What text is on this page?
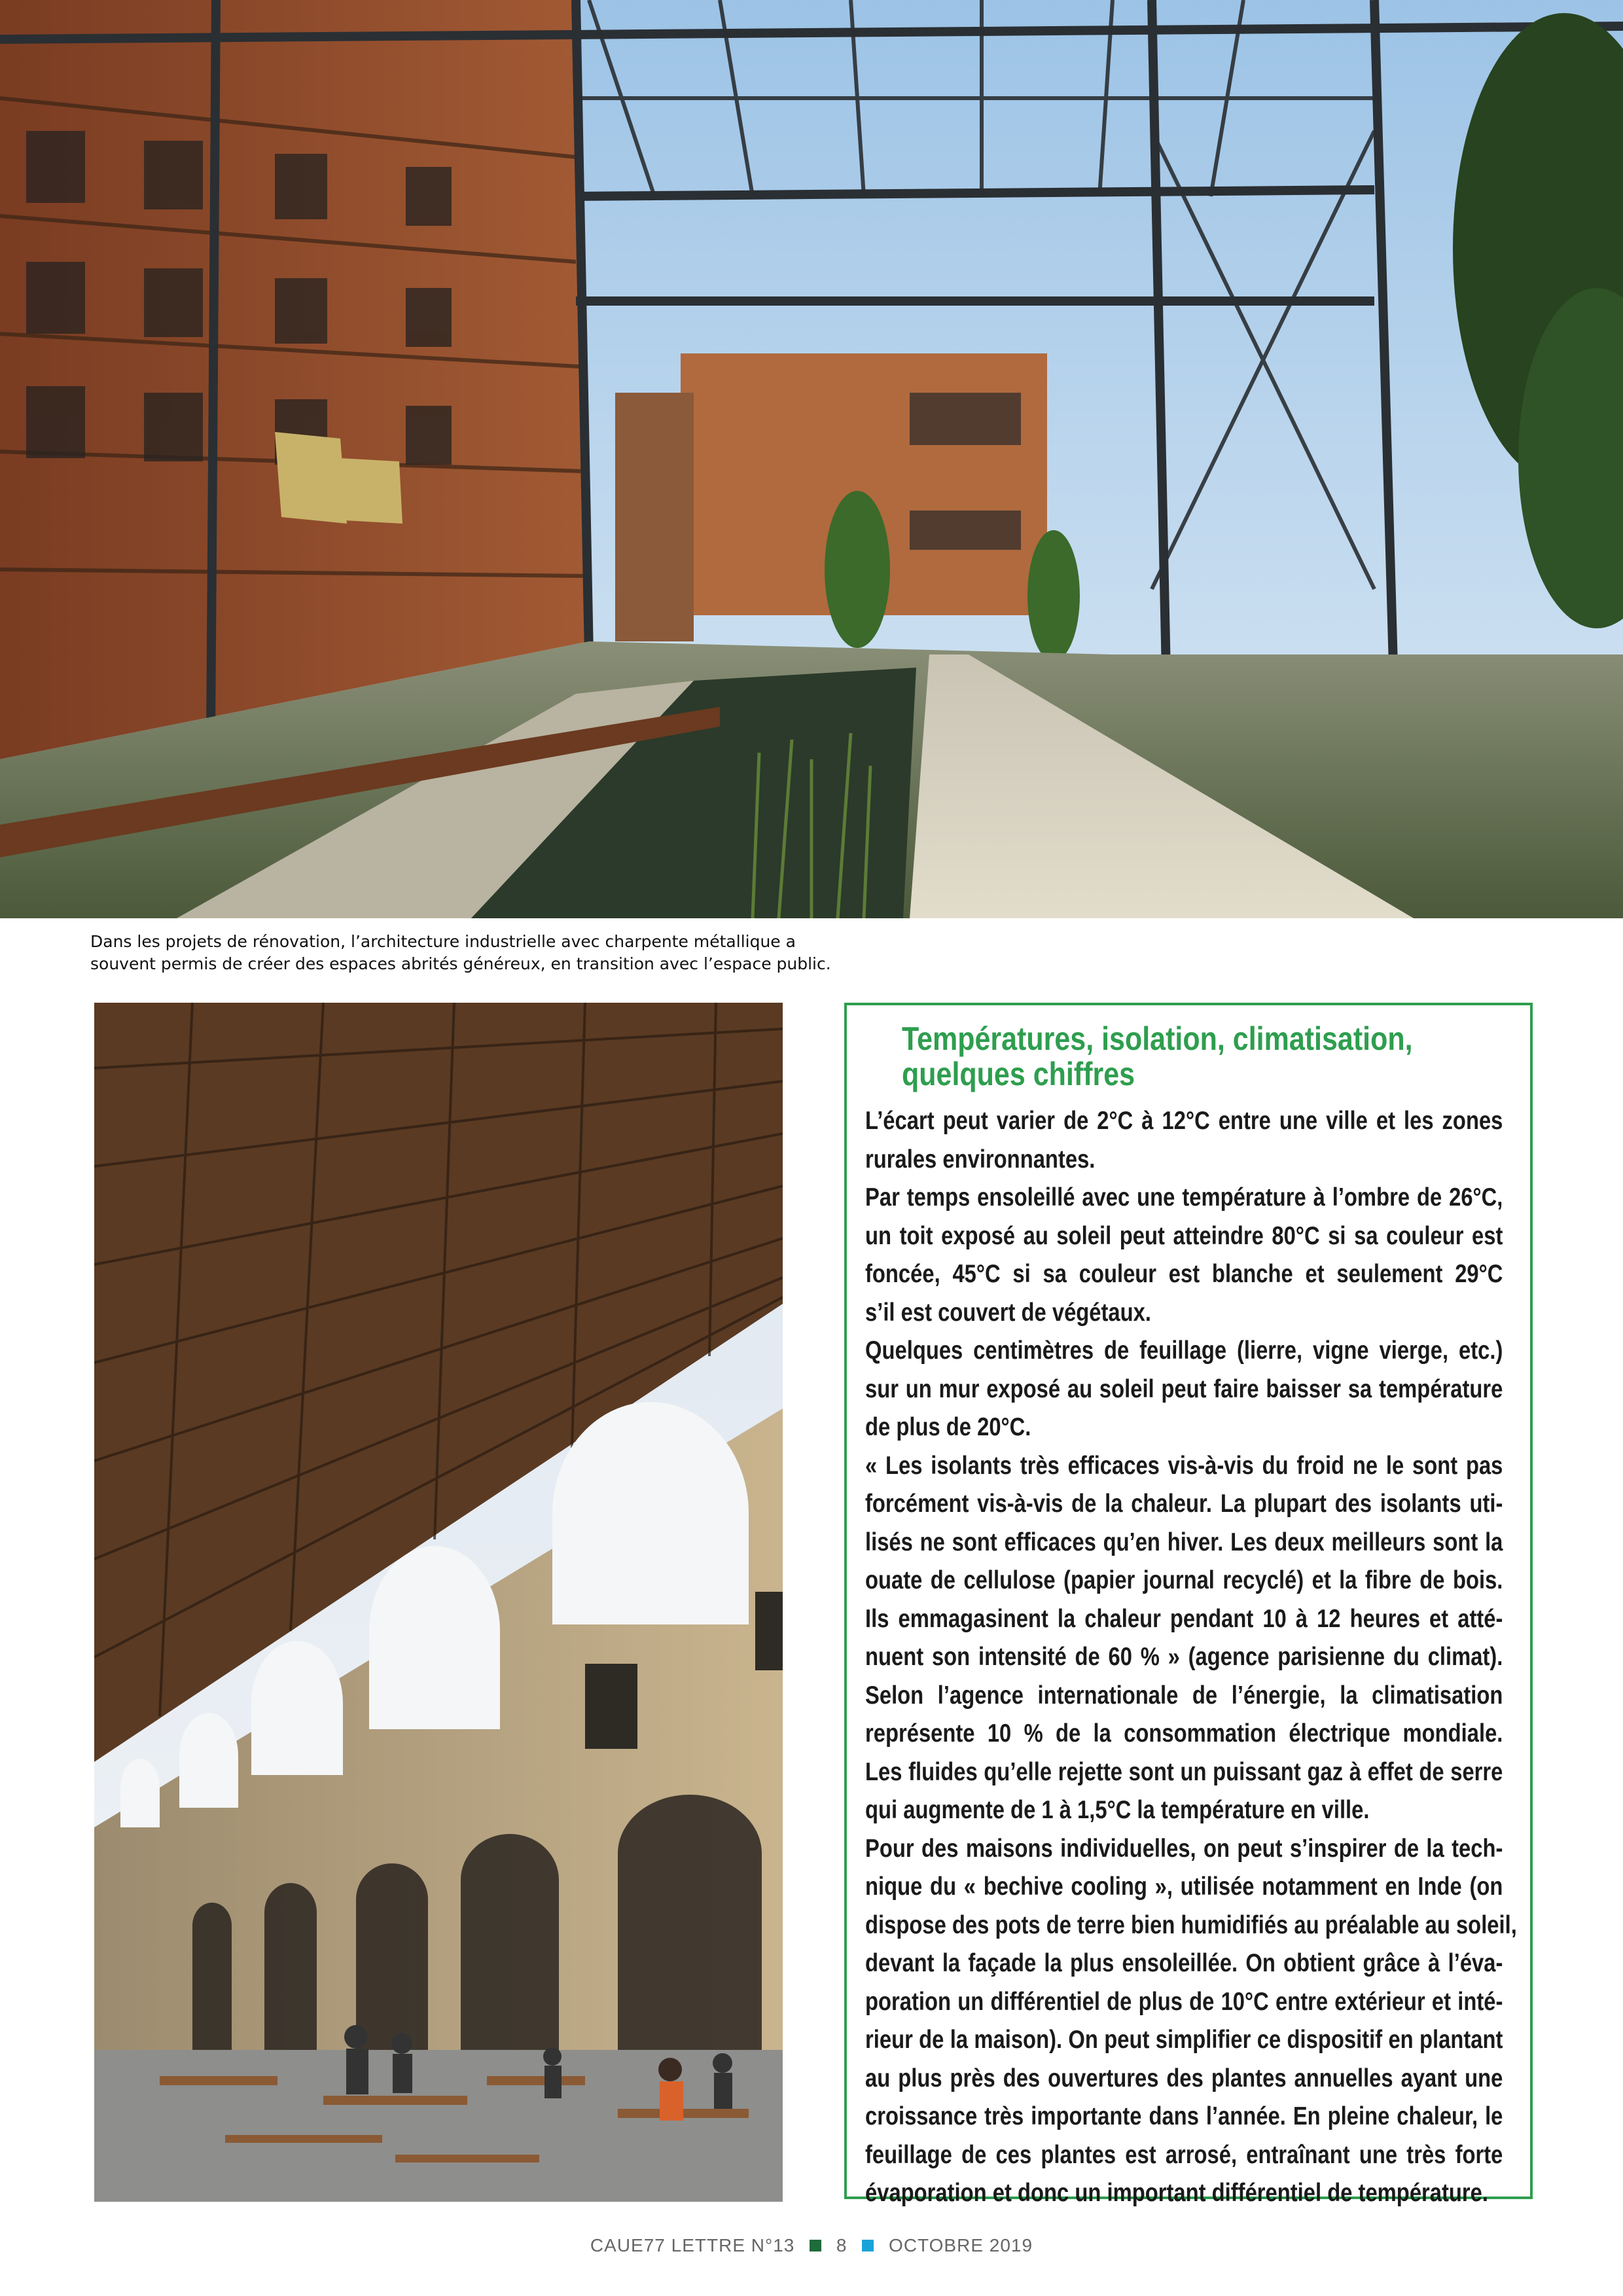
Dans les projets de rénovation, l’architecture industrielle avec charpente métallique a
souvent permis de créer des espaces abrités généreux, en transition avec l’espace public.
Températures, isolation, climatisation,
quelques chiffres
L’écart peut varier de 2°C à 12°C entre une ville et les zones
rurales environnantes.
Par temps ensoleillé avec une température à l’ombre de 26°C,
un toit exposé au soleil peut atteindre 80°C si sa couleur est
foncée, 45°C si sa couleur est blanche et seulement 29°C
s’il est couvert de végétaux.
Quelques centimètres de feuillage (lierre, vigne vierge, etc.)
sur un mur exposé au soleil peut faire baisser sa température
de plus de 20°C.
« Les isolants très efficaces vis-à-vis du froid ne le sont pas
forcément vis-à-vis de la chaleur. La plupart des isolants uti-
lisés ne sont efficaces qu’en hiver. Les deux meilleurs sont la
ouate de cellulose (papier journal recyclé) et la fibre de bois.
Ils emmagasinent la chaleur pendant 10 à 12 heures et atté-
nuent son intensité de 60 % » (agence parisienne du climat).
Selon l’agence internationale de l’énergie, la climatisation
représente 10 % de la consommation électrique mondiale.
Les fluides qu’elle rejette sont un puissant gaz à effet de serre
qui augmente de 1 à 1,5°C la température en ville.
Pour des maisons individuelles, on peut s’inspirer de la tech-
nique du « bechive cooling », utilisée notamment en Inde (on
dispose des pots de terre bien humidifiés au préalable au soleil,
devant la façade la plus ensoleillée. On obtient grâce à l’éva-
poration un différentiel de plus de 10°C entre extérieur et inté-
rieur de la maison). On peut simplifier ce dispositif en plantant
au plus près des ouvertures des plantes annuelles ayant une
croissance très importante dans l’année. En pleine chaleur, le
feuillage de ces plantes est arrosé, entraînant une très forte
évaporation et donc un important différentiel de température.
CAUE77 LETTRE N°13 8 OCTOBRE 2019
